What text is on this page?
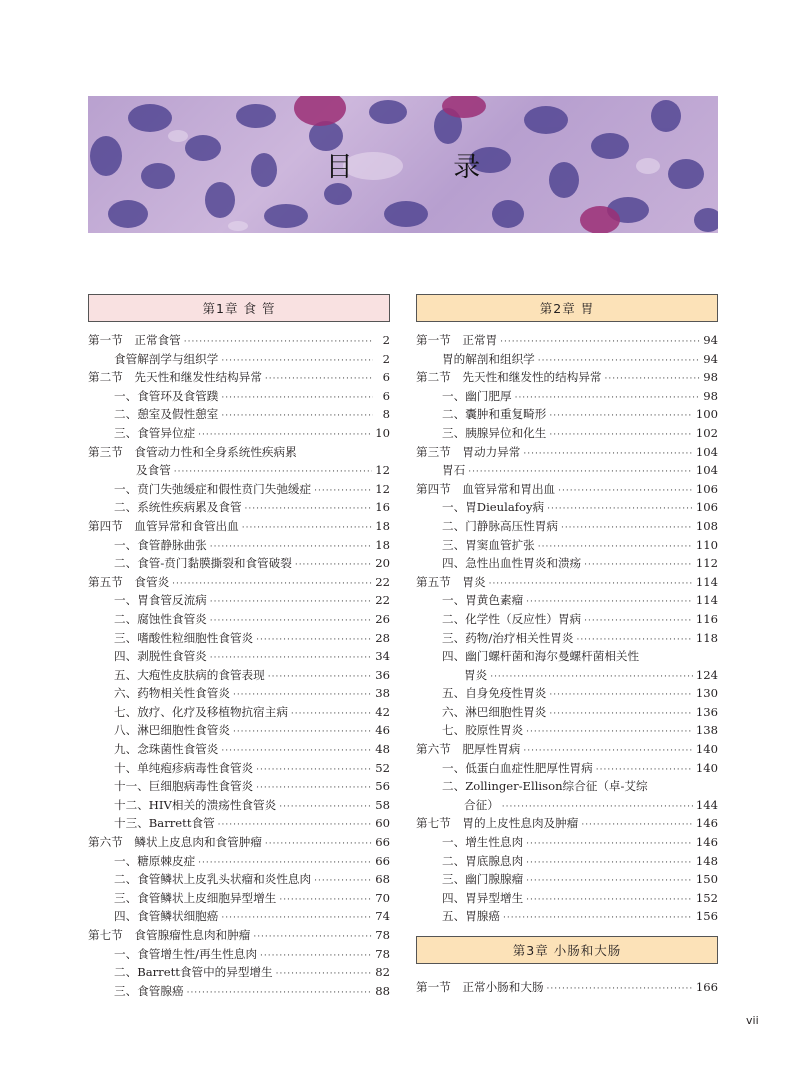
目 录
第1章 食 管
第一节　正常食管 ·····	2
食管解剖学与组织学 ·····	2
第二节　先天性和继发性结构异常 ·····	6
一、食管环及食管蹼 ·····	6
二、憩室及假性憩室 ·····	8
三、食管异位症 ·····	10
第三节　食管动力性和全身系统性疾病累
及食管 ·····	12
一、贲门失弛缓症和假性贲门失弛缓症 ·····	12
二、系统性疾病累及食管 ·····	16
第四节　血管异常和食管出血 ·····	18
一、食管静脉曲张 ·····	18
二、食管-贲门黏膜撕裂和食管破裂 ·····	20
第五节　食管炎 ·····	22
一、胃食管反流病 ·····	22
二、腐蚀性食管炎 ·····	26
三、嗜酸性粒细胞性食管炎 ·····	28
四、剥脱性食管炎 ·····	34
五、大疱性皮肤病的食管表现 ·····	36
六、药物相关性食管炎 ·····	38
七、放疗、化疗及移植物抗宿主病 ·····	42
八、淋巴细胞性食管炎 ·····	46
九、念珠菌性食管炎 ·····	48
十、单纯疱疹病毒性食管炎 ·····	52
十一、巨细胞病毒性食管炎 ·····	56
十二、HIV相关的溃疡性食管炎 ·····	58
十三、Barrett食管 ·····	60
第六节　鳞状上皮息肉和食管肿瘤 ·····	66
一、糖原棘皮症 ·····	66
二、食管鳞状上皮乳头状瘤和炎性息肉 ·····	68
三、食管鳞状上皮细胞异型增生 ·····	70
四、食管鳞状细胞癌 ·····	74
第七节　食管腺瘤性息肉和肿瘤 ·····	78
一、食管增生性/再生性息肉 ·····	78
二、Barrett食管中的异型增生 ·····	82
三、食管腺癌 ·····	88
第2章 胃
第一节　正常胃 ·····	94
胃的解剖和组织学 ·····	94
第二节　先天性和继发性的结构异常 ·····	98
一、幽门肥厚 ·····	98
二、囊肿和重复畸形 ·····	100
三、胰腺异位和化生 ·····	102
第三节　胃动力异常 ·····	104
胃石 ·····	104
第四节　血管异常和胃出血 ·····	106
一、胃Dieulafoy病 ·····	106
二、门静脉高压性胃病 ·····	108
三、胃窦血管扩张 ·····	110
四、急性出血性胃炎和溃疡 ·····	112
第五节　胃炎 ·····	114
一、胃黄色素瘤 ·····	114
二、化学性（反应性）胃病 ·····	116
三、药物/治疗相关性胃炎 ·····	118
四、幽门螺杆菌和海尔曼螺杆菌相关性
胃炎 ·····	124
五、自身免疫性胃炎 ·····	130
六、淋巴细胞性胃炎 ·····	136
七、胶原性胃炎 ·····	138
第六节　肥厚性胃病 ·····	140
一、低蛋白血症性肥厚性胃病 ·····	140
二、Zollinger-Ellison综合征（卓-艾综
合征） ·····	144
第七节　胃的上皮性息肉及肿瘤 ·····	146
一、增生性息肉 ·····	146
二、胃底腺息肉 ·····	148
三、幽门腺腺瘤 ·····	150
四、胃异型增生 ·····	152
五、胃腺癌 ·····	156
第3章 小肠和大肠
第一节　正常小肠和大肠 ·····	166
vii
